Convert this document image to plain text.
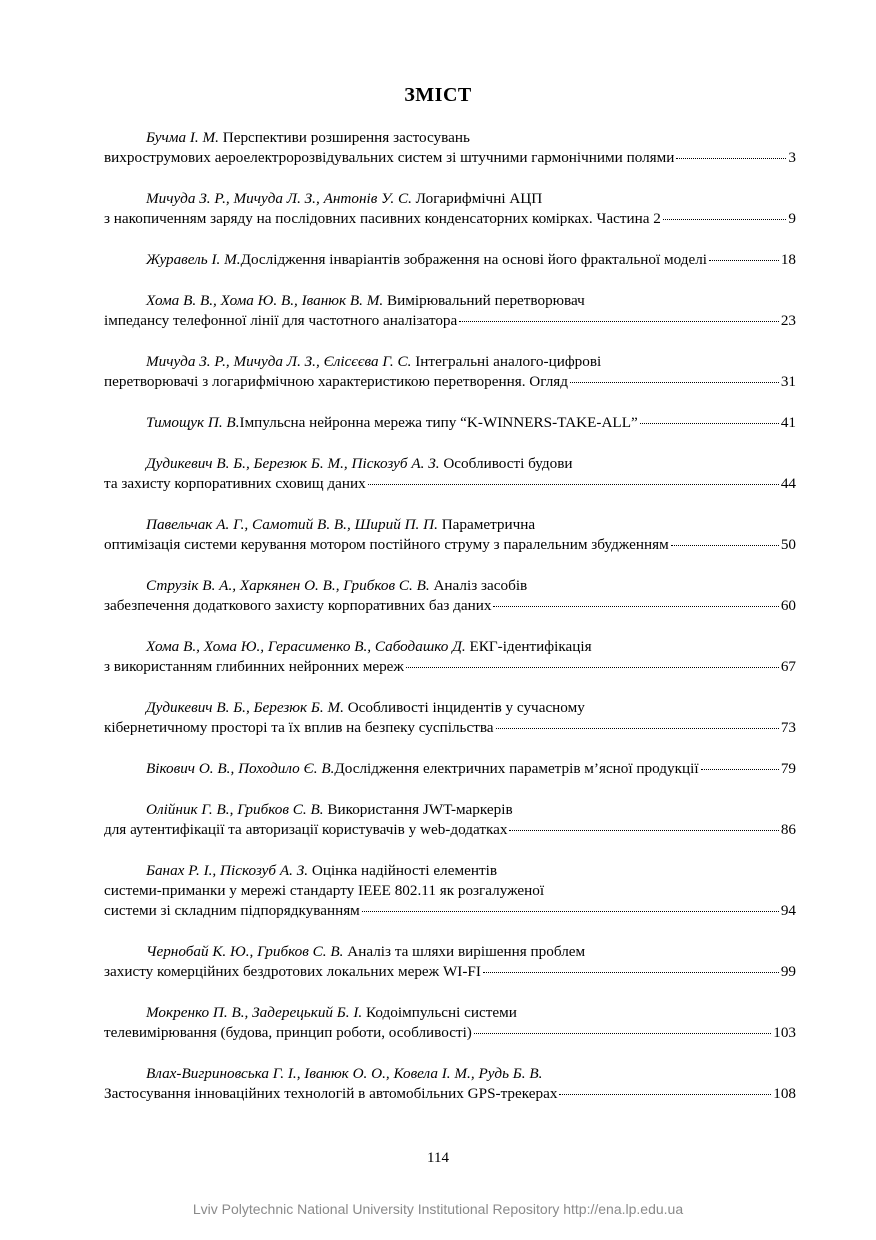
ЗМІСТ
Бучма І. М. Перспективи розширення застосувань
вихрострумових аероелектророзвідувальних систем зі штучними гармонічними полями	3
Мичуда З. Р., Мичуда Л. З., Антонів У. С. Логарифмічні АЦП
з накопиченням заряду на послідовних пасивних конденсаторних комірках. Частина 2	9
Журавель І. М. Дослідження інваріантів зображення на основі його фрактальної моделі	18
Хома В. В., Хома Ю. В., Іванюк В. М. Вимірювальний перетворювач
імпедансу телефонної лінії для частотного аналізатора	23
Мичуда З. Р., Мичуда Л. З., Єлісєєва Г. С. Інтегральні аналого-цифрові
перетворювачі з логарифмічною характеристикою перетворення. Огляд	31
Тимощук П. В. Імпульсна нейронна мережа типу “K-WINNERS-TAKE-ALL”	41
Дудикевич В. Б., Березюк Б. М., Піскозуб А. З. Особливості будови
та захисту корпоративних сховищ даних	44
Павельчак А. Г., Самотий В. В., Ширий П. П. Параметрична
оптимізація системи керування мотором постійного струму з паралельним збудженням	50
Струзік В. А., Харкянен О. В., Грибков С. В. Аналіз засобів
забезпечення додаткового захисту корпоративних баз даних	60
Хома В., Хома Ю., Герасименко В., Сабодашко Д. ЕКГ-ідентифікація
з використанням глибинних нейронних мереж	67
Дудикевич В. Б., Березюк Б. М. Особливості інцидентів у сучасному
кібернетичному просторі та їх вплив на безпеку суспільства	73
Вікович О. В., Походило Є. В. Дослідження електричних параметрів м’ясної продукції	79
Олійник Г. В., Грибков С. В. Використання JWT-маркерів
для аутентифікації та авторизації користувачів у web-додатках	86
Банах Р. І., Піскозуб А. З. Оцінка надійності елементів
системи-приманки у мережі стандарту IEEE 802.11 як розгалуженої
системи зі складним підпорядкуванням	94
Чернобай К. Ю., Грибков С. В. Аналіз та шляхи вирішення проблем
захисту комерційних бездротових локальних мереж WI-FI	99
Мокренко П. В., Задерецький Б. І. Кодоімпульсні системи
телевимірювання (будова, принцип роботи, особливості)	103
Влах-Вигриновська Г. І., Іванюк О. О., Ковела І. М., Рудь Б. В.
Застосування інноваційних технологій в автомобільних GPS-трекерах	108
114
Lviv Polytechnic National University Institutional Repository http://ena.lp.edu.ua
